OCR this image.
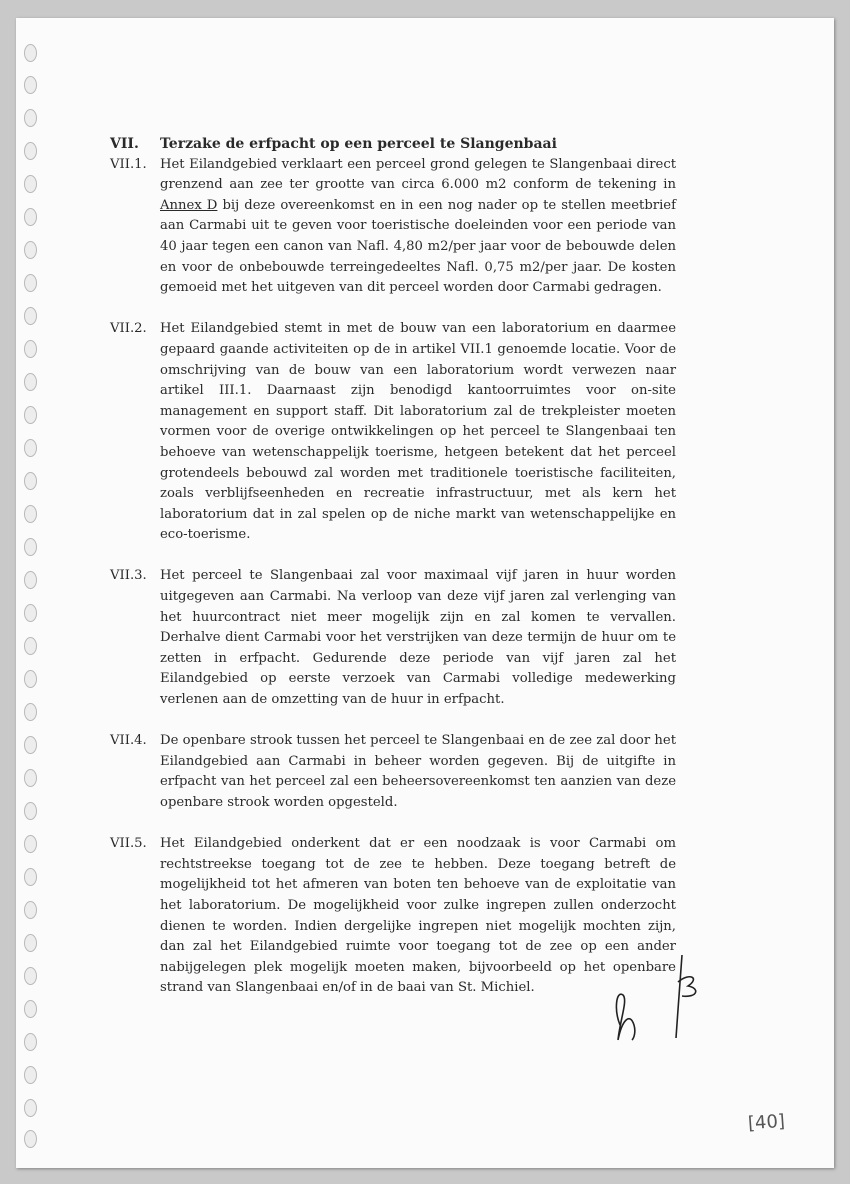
VII.	Terzake de erfpacht op een perceel te Slangenbaai
VII.1.	Het Eilandgebied verklaart een perceel grond gelegen te Slangenbaai direct grenzend aan zee ter grootte van circa 6.000 m2 conform de tekening in Annex D bij deze overeenkomst en in een nog nader op te stellen meetbrief aan Carmabi uit te geven voor toeristische doeleinden voor een periode van 40 jaar tegen een canon van Nafl. 4,80 m2/per jaar voor de bebouwde delen en voor de onbebouwde terreingedeeltes Nafl. 0,75 m2/per jaar. De kosten gemoeid met het uitgeven van dit perceel worden door Carmabi gedragen.
VII.2.	Het Eilandgebied stemt in met de bouw van een laboratorium en daarmee gepaard gaande activiteiten op de in artikel VII.1 genoemde locatie. Voor de omschrijving van de bouw van een laboratorium wordt verwezen naar artikel III.1. Daarnaast zijn benodigd kantoorruimtes voor on-site management en support staff. Dit laboratorium zal de trekpleister moeten vormen voor de overige ontwikkelingen op het perceel te Slangenbaai ten behoeve van wetenschappelijk toerisme, hetgeen betekent dat het perceel grotendeels bebouwd zal worden met traditionele toeristische faciliteiten, zoals verblijfseenheden en recreatie infrastructuur, met als kern het laboratorium dat in zal spelen op de niche markt van wetenschappelijke en eco-toerisme.
VII.3.	Het perceel te Slangenbaai zal voor maximaal vijf jaren in huur worden uitgegeven aan Carmabi. Na verloop van deze vijf jaren zal verlenging van het huurcontract niet meer mogelijk zijn en zal komen te vervallen. Derhalve dient Carmabi voor het verstrijken van deze termijn de huur om te zetten in erfpacht. Gedurende deze periode van vijf jaren zal het Eilandgebied op eerste verzoek van Carmabi volledige medewerking verlenen aan de omzetting van de huur in erfpacht.
VII.4.	De openbare strook tussen het perceel te Slangenbaai en de zee zal door het Eilandgebied aan Carmabi in beheer worden gegeven. Bij de uitgifte in erfpacht van het perceel zal een beheersovereenkomst ten aanzien van deze openbare strook worden opgesteld.
VII.5.	Het Eilandgebied onderkent dat er een noodzaak is voor Carmabi om rechtstreekse toegang tot de zee te hebben. Deze toegang betreft de mogelijkheid tot het afmeren van boten ten behoeve van de exploitatie van het laboratorium. De mogelijkheid voor zulke ingrepen zullen onderzocht dienen te worden. Indien dergelijke ingrepen niet mogelijk mochten zijn, dan zal het Eilandgebied ruimte voor toegang tot de zee op een ander nabijgelegen plek mogelijk moeten maken, bijvoorbeeld op het openbare strand van Slangenbaai en/of in de baai van St. Michiel.
[40]
